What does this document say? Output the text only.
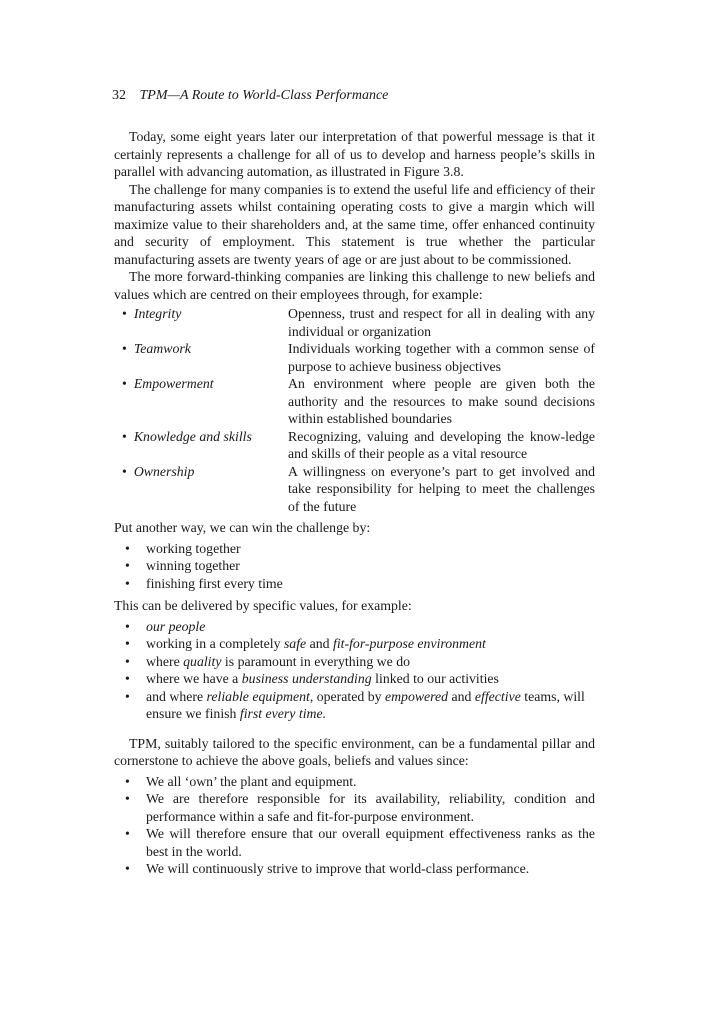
32 TPM—A Route to World-Class Performance

Today, some eight years later our interpretation of that powerful message is that it certainly represents a challenge for all of us to develop and harness people’s skills in parallel with advancing automation, as illustrated in Figure 3.8.

The challenge for many companies is to extend the useful life and efficiency of their manufacturing assets whilst containing operating costs to give a margin which will maximize value to their shareholders and, at the same time, offer enhanced continuity and security of employment. This statement is true whether the particular manufacturing assets are twenty years of age or are just about to be commissioned.

The more forward-thinking companies are linking this challenge to new beliefs and values which are centred on their employees through, for example:

• Integrity	Openness, trust and respect for all in dealing with any individual or organization
• Teamwork	Individuals working together with a common sense of purpose to achieve business objectives
• Empowerment	An environment where people are given both the authority and the resources to make sound decisions within established boundaries
• Knowledge and skills	Recognizing, valuing and developing the know-ledge and skills of their people as a vital resource
• Ownership	A willingness on everyone’s part to get involved and take responsibility for helping to meet the challenges of the future

Put another way, we can win the challenge by:

• working together
• winning together
• finishing first every time

This can be delivered by specific values, for example:

• our people
• working in a completely safe and fit-for-purpose environment
• where quality is paramount in everything we do
• where we have a business understanding linked to our activities
• and where reliable equipment, operated by empowered and effective teams, will ensure we finish first every time.

TPM, suitably tailored to the specific environment, can be a fundamental pillar and cornerstone to achieve the above goals, beliefs and values since:

• We all ‘own’ the plant and equipment.
• We are therefore responsible for its availability, reliability, condition and performance within a safe and fit-for-purpose environment.
• We will therefore ensure that our overall equipment effectiveness ranks as the best in the world.
• We will continuously strive to improve that world-class performance.
